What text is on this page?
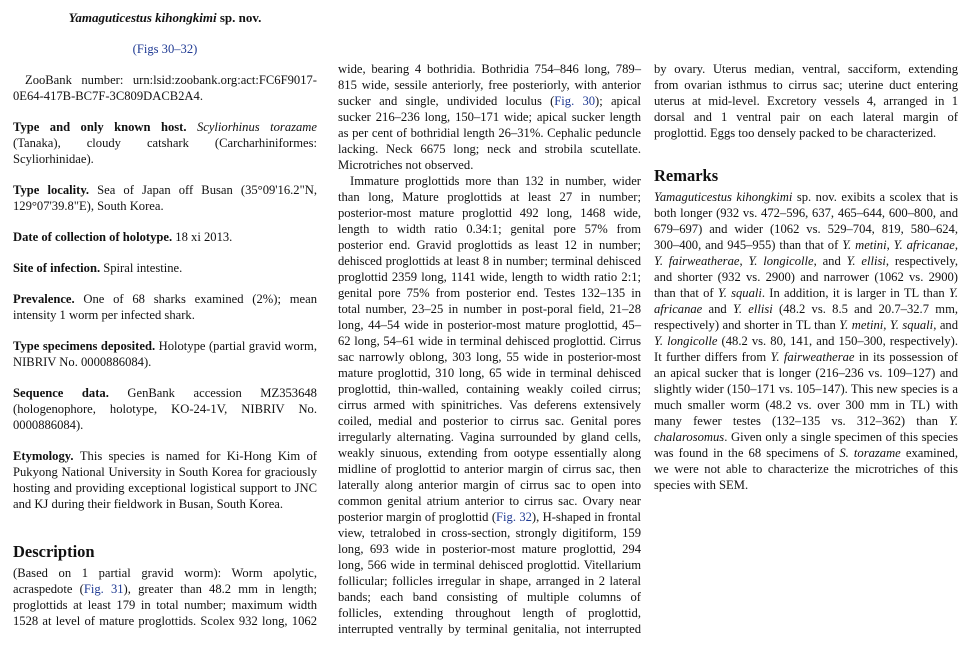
Yamaguticestus kihongkimi sp. nov.

(Figs 30–32)

ZooBank number: urn:lsid:zoobank.org:act:FC6F9017-0E64-417B-BC7F-3C809DACB2A4.

Type and only known host. Scyliorhinus torazame (Tanaka), cloudy catshark (Carcharhiniformes: Scyliorhinidae).

Type locality. Sea of Japan off Busan (35°09'16.2"N, 129°07'39.8"E), South Korea.

Date of collection of holotype. 18 xi 2013.

Site of infection. Spiral intestine.

Prevalence. One of 68 sharks examined (2%); mean intensity 1 worm per infected shark.

Type specimens deposited. Holotype (partial gravid worm, NIBRIV No. 0000886084).

Sequence data. GenBank accession MZ353648 (hologenophore, holotype, KO-24-1V, NIBRIV No. 0000886084).

Etymology. This species is named for Ki-Hong Kim of Pukyong National University in South Korea for graciously hosting and providing exceptional logistical support to JNC and KJ during their fieldwork in Busan, South Korea.

Description

(Based on 1 partial gravid worm): Worm apolytic, acraspedote (Fig. 31), greater than 48.2 mm in length; proglottids at least 179 in total number; maximum width 1528 at level of mature proglottids. Scolex 932 long, 1062

wide, bearing 4 bothridia. Bothridia 754–846 long, 789–815 wide, sessile anteriorly, free posteriorly, with anterior sucker and single, undivided loculus (Fig. 30); apical sucker 216–236 long, 150–171 wide; apical sucker length as per cent of bothridial length 26–31%. Cephalic peduncle lacking. Neck 6675 long; neck and strobila scutellate. Microtriches not observed.

Immature proglottids more than 132 in number, wider than long, Mature proglottids at least 27 in number; posterior-most mature proglottid 492 long, 1468 wide, length to width ratio 0.34:1; genital pore 57% from posterior end. Gravid proglottids as least 12 in number; dehisced proglottids at least 8 in number; terminal dehisced proglottid 2359 long, 1141 wide, length to width ratio 2:1; genital pore 75% from posterior end. Testes 132–135 in total number, 23–25 in number in post-poral field, 21–28 long, 44–54 wide in posterior-most mature proglottid, 45–62 long, 54–61 wide in terminal dehisced proglottid. Cirrus sac narrowly oblong, 303 long, 55 wide in posterior-most mature proglottid, 310 long, 65 wide in terminal dehisced proglottid, thin-walled, containing weakly coiled cirrus; cirrus armed with spinitriches. Vas deferens extensively coiled, medial and posterior to cirrus sac. Genital pores irregularly alternating. Vagina surrounded by gland cells, weakly sinuous, extending from ootype essentially along midline of proglottid to anterior margin of cirrus sac, then laterally along anterior margin of cirrus sac to open into common genital atrium anterior to cirrus sac. Ovary near posterior margin of proglottid (Fig. 32), H-shaped in frontal view, tetralobed in cross-section, strongly digitiform, 159 long, 693 wide in posterior-most mature proglottid, 294 long, 566 wide in terminal dehisced proglottid. Vitellarium follicular; follicles irregular in shape, arranged in 2 lateral bands; each band consisting of multiple columns of follicles, extending throughout length of proglottid, interrupted ventrally by terminal genitalia, not interrupted

by ovary. Uterus median, ventral, sacciform, extending from ovarian isthmus to cirrus sac; uterine duct entering uterus at mid-level. Excretory vessels 4, arranged in 1 dorsal and 1 ventral pair on each lateral margin of proglottid. Eggs too densely packed to be characterized.

Remarks

Yamaguticestus kihongkimi sp. nov. exibits a scolex that is both longer (932 vs. 472–596, 637, 465–644, 600–800, and 679–697) and wider (1062 vs. 529–704, 819, 580–624, 300–400, and 945–955) than that of Y. metini, Y. africanae, Y. fairweatherae, Y. longicolle, and Y. ellisi, respectively, and shorter (932 vs. 2900) and narrower (1062 vs. 2900) than that of Y. squali. In addition, it is larger in TL than Y. africanae and Y. ellisi (48.2 vs. 8.5 and 20.7–32.7 mm, respectively) and shorter in TL than Y. metini, Y. squali, and Y. longicolle (48.2 vs. 80, 141, and 150–300, respectively). It further differs from Y. fairweatherae in its possession of an apical sucker that is longer (216–236 vs. 109–127) and slightly wider (150–171 vs. 105–147). This new species is a much smaller worm (48.2 vs. over 300 mm in TL) with many fewer testes (132–135 vs. 312–362) than Y. chalarosomus. Given only a single specimen of this species was found in the 68 specimens of S. torazame examined, we were not able to characterize the microtriches of this species with SEM.
